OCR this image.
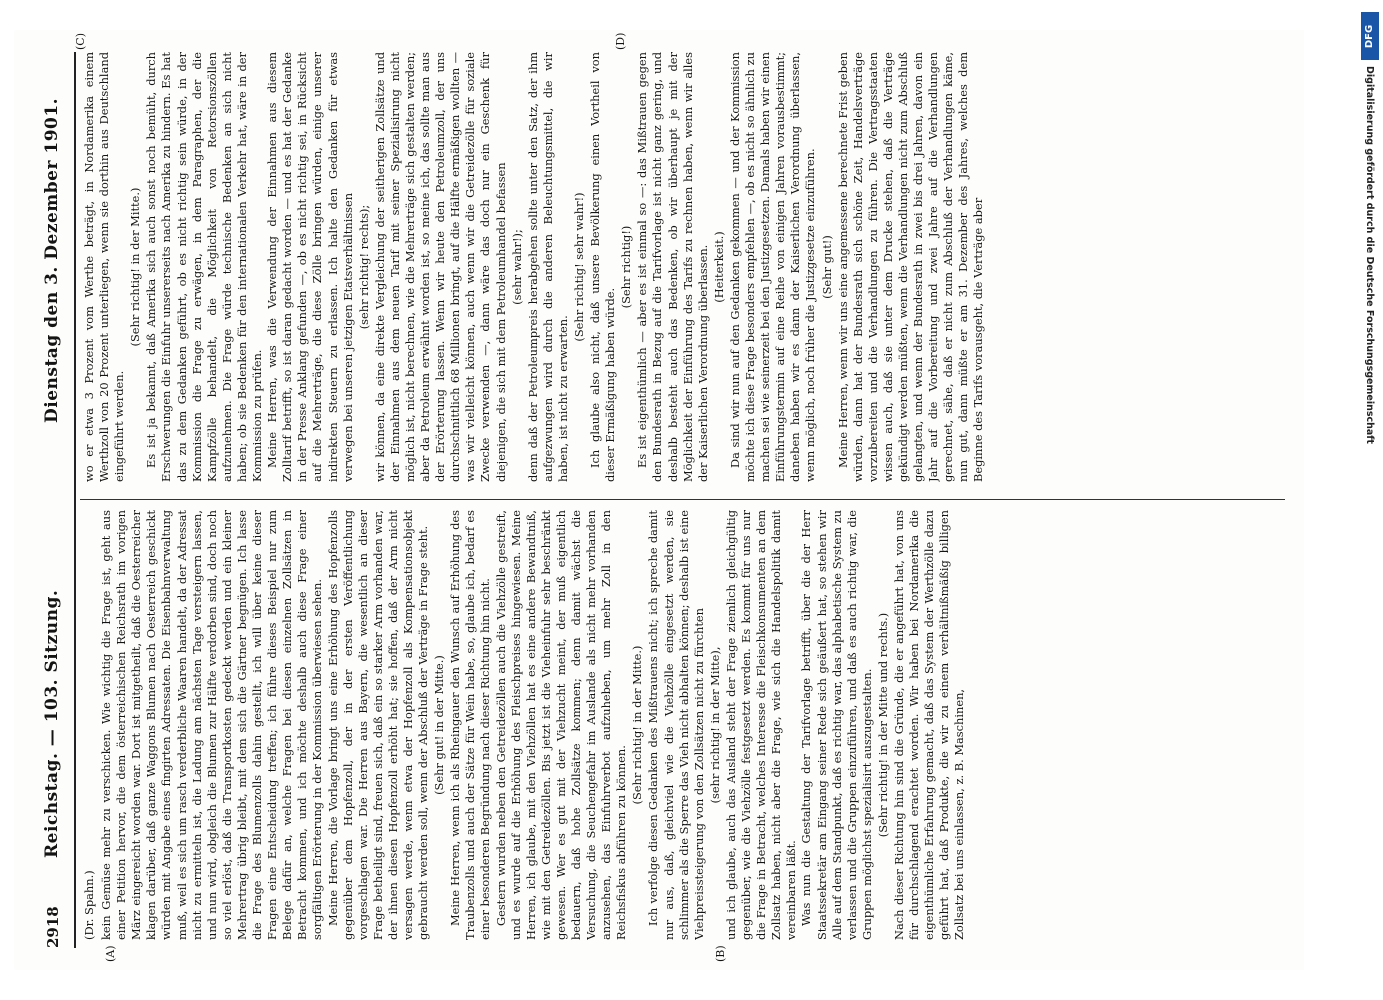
2918
Reichstag. — 103. Sitzung.
Dienstag den 3. Dezember 1901.
(A)	(B)
(C)	(D)

(Dr. Spahn.) kein Gemüse mehr zu verschicken. Wie wichtig die Frage ist, geht aus einer Petition hervor, die dem österreichischen Reichsrath im vorigen März eingereicht worden war. Dort ist mitgetheilt, daß die Oesterreicher klagen darüber, daß ganze Waggons Blumen nach Oesterreich geschickt würden mit Angabe eines fingirten Adressaten. Die Eisenbahnverwaltung muß, weil es sich um rasch verderbliche Waaren handelt, da der Adressat nicht zu ermitteln ist, die Ladung am nächsten Tage versteigern lassen, und nun wird, obgleich die Blumen zur Hälfte verdorben sind, doch noch so viel erlöst, daß die Transportkosten gedeckt werden und ein kleiner Mehrertrag übrig bleibt, mit dem sich die Gärtner begnügen. Ich lasse die Frage des Blumenzolls dahin gestellt, ich will über keine dieser Fragen eine Entscheidung treffen; ich führe dieses Beispiel nur zum Belege dafür an, welche Fragen bei diesen einzelnen Zollsätzen in Betracht kommen, und ich möchte deshalb auch diese Frage einer sorgfältigen Erörterung in der Kommission überwiesen sehen. Meine Herren, die Vorlage bringt uns eine Erhöhung des Hopfenzolls gegenüber dem Hopfenzoll, der in der ersten Veröffentlichung vorgeschlagen war. Die Herren aus Bayern, die wesentlich an dieser Frage betheiligt sind, freuen sich, daß ein so starker Arm vorhanden war, der ihnen diesen Hopfenzoll erhöht hat; sie hoffen, daß der Arm nicht versagen werde, wenn etwa der Hopfenzoll als Kompensationsobjekt gebraucht werden soll, wenn der Abschluß der Verträge in Frage steht. (Sehr gut! in der Mitte.) Meine Herren, wenn ich als Rheingauer den Wunsch auf Erhöhung des Traubenzolls und auch der Sätze für Wein habe, so, glaube ich, bedarf es einer besonderen Begründung nach dieser Richtung hin nicht. Gestern wurden neben den Getreidezöllen auch die Viehzölle gestreift, und es wurde auf die Erhöhung des Fleischpreises hingewiesen. Meine Herren, ich glaube, mit den Viehzöllen hat es eine andere Bewandtniß, wie mit den Getreidezöllen. Bis jetzt ist die Vieheinfuhr sehr beschränkt gewesen. Wer es gut mit der Viehzucht meint, der muß eigentlich bedauern, daß hohe Zollsätze kommen; denn damit wächst die Versuchung, die Seuchengefahr im Auslande als nicht mehr vorhanden anzusehen, das Einfuhrverbot aufzuheben, um mehr Zoll in den Reichsfiskus abführen zu können.

(Sehr richtig! in der Mitte.) Ich verfolge diesen Gedanken des Mißtrauens nicht; ich spreche damit nur aus, daß, gleichviel wie die Viehzölle eingesetzt werden, sie schlimmer als die Sperre das Vieh nicht abhalten können; deshalb ist eine Viehpreissteigerung von den Zollsätzen nicht zu fürchten (sehr richtig! in der Mitte), und ich glaube, auch das Ausland steht der Frage ziemlich gleichgültig gegenüber, wie die Viehzölle festgesetzt werden. Es kommt für uns nur die Frage in Betracht, welches Interesse die Fleischkonsumenten an dem Zollsatz haben, nicht aber die Frage, wie sich die Handelspolitik damit vereinbaren läßt. Was nun die Gestaltung der Tarifvorlage betrifft, über die der Herr Staatssekretär am Eingang seiner Rede sich geäußert hat, so stehen wir Alle auf dem Standpunkt, daß es richtig war, das alphabetische System zu verlassen und die Gruppen einzuführen, und daß es auch richtig war, die Gruppen möglichst spezialisirt auszugestalten. (Sehr richtig! in der Mitte und rechts.) Nach dieser Richtung hin sind die Gründe, die er angeführt hat, von uns für durchschlagend erachtet worden. Wir haben bei Nordamerika die eigenthümliche Erfahrung gemacht, daß das System der Werthzölle dazu geführt hat, daß Produkte, die wir zu einem verhältnißmäßig billigen Zollsatz bei uns einlassen, z. B. Maschinen,

wo er etwa 3 Prozent vom Werthe beträgt, in Nordamerika einem Werthzoll von 20 Prozent unterliegen, wenn sie dorthin aus Deutschland eingeführt werden.

(Sehr richtig! in der Mitte.) Es ist ja bekannt, daß Amerika sich auch sonst noch bemüht, durch Erschwerungen die Einfuhr unsererseits nach Amerika zu hindern. Es hat das zu dem Gedanken geführt, ob es nicht richtig sein würde, in der Kommission die Frage zu erwägen, in dem Paragraphen, der die Kampfzölle behandelt, die Möglichkeit von Retorsionszöllen aufzunehmen. Die Frage würde technische Bedenken an sich nicht haben; ob sie Bedenken für den internationalen Verkehr hat, wäre in der Kommission zu prüfen. Meine Herren, was die Verwendung der Einnahmen aus diesem Zolltarif betrifft, so ist daran gedacht worden — und es hat der Gedanke in der Presse Anklang gefunden —, ob es nicht richtig sei, in Rücksicht auf die Mehrerträge, die diese Zölle bringen würden, einige unserer indirekten Steuern zu erlassen. Ich halte den Gedanken für etwas verwegen bei unseren jetzigen Etatsverhältnissen (sehr richtig! rechts); wir können, da eine direkte Vergleichung der seitherigen Zollsätze und der Einnahmen aus dem neuen Tarif mit seiner Spezialisirung nicht möglich ist, nicht berechnen, wie die Mehrerträge sich gestalten werden; aber da Petroleum erwähnt worden ist, so meine ich, das sollte man aus der Erörterung lassen. Wenn wir heute den Petroleumzoll, der uns durchschnittlich 68 Millionen bringt, auf die Hälfte ermäßigen wollten — was wir vielleicht können, auch wenn wir die Getreidezölle für soziale Zwecke verwenden —, dann wäre das doch nur ein Geschenk für diejenigen, die sich mit dem Petroleumhandel befassen (sehr wahr!); denn daß der Petroleumpreis herabgehen sollte unter den Satz, der ihm aufgezwungen wird durch die anderen Beleuchtungsmittel, die wir haben, ist nicht zu erwarten.

(Sehr richtig! sehr wahr!) Ich glaube also nicht, daß unsere Bevölkerung einen Vortheil von dieser Ermäßigung haben würde.

(Sehr richtig!) Es ist eigenthümlich — aber es ist einmal so —: das Mißtrauen gegen den Bundesrath in Bezug auf die Tarifvorlage ist nicht ganz gering, und deshalb besteht auch das Bedenken, ob wir überhaupt je mit der Möglichkeit der Einführung des Tarifs zu rechnen haben, wenn wir alles der Kaiserlichen Verordnung überlassen. (Heiterkeit.) Da sind wir nun auf den Gedanken gekommen — und der Kommission möchte ich diese Frage besonders empfehlen —, ob es nicht so ähnlich zu machen sei wie seinerzeit bei den Justizgesetzen. Damals haben wir einen Einführungstermin auf eine Reihe von einigen Jahren vorausbestimmt; daneben haben wir es dann der Kaiserlichen Verordnung überlassen, wenn möglich, noch früher die Justizgesetze einzuführen. (Sehr gut!) Meine Herren, wenn wir uns eine angemessene berechnete Frist geben würden, dann hat der Bundesrath sich schöne Zeit, Handelsverträge vorzubereiten und die Verhandlungen zu führen. Die Vertragsstaaten wissen auch, daß sie unter dem Drucke stehen, daß die Verträge gekündigt werden müßten, wenn die Verhandlungen nicht zum Abschluß gelangten, und wenn der Bundesrath in zwei bis drei Jahren, davon ein Jahr auf die Vorbereitung und zwei Jahre auf die Verhandlungen gerechnet, sähe, daß er nicht zum Abschluß der Verhandlungen käme, nun gut, dann müßte er am 31. Dezember des Jahres, welches dem Beginne des Tarifs vorausgeht, die Verträge aber

DFG
Digitalisierung gefördert durch die Deutsche Forschungsgemeinschaft
